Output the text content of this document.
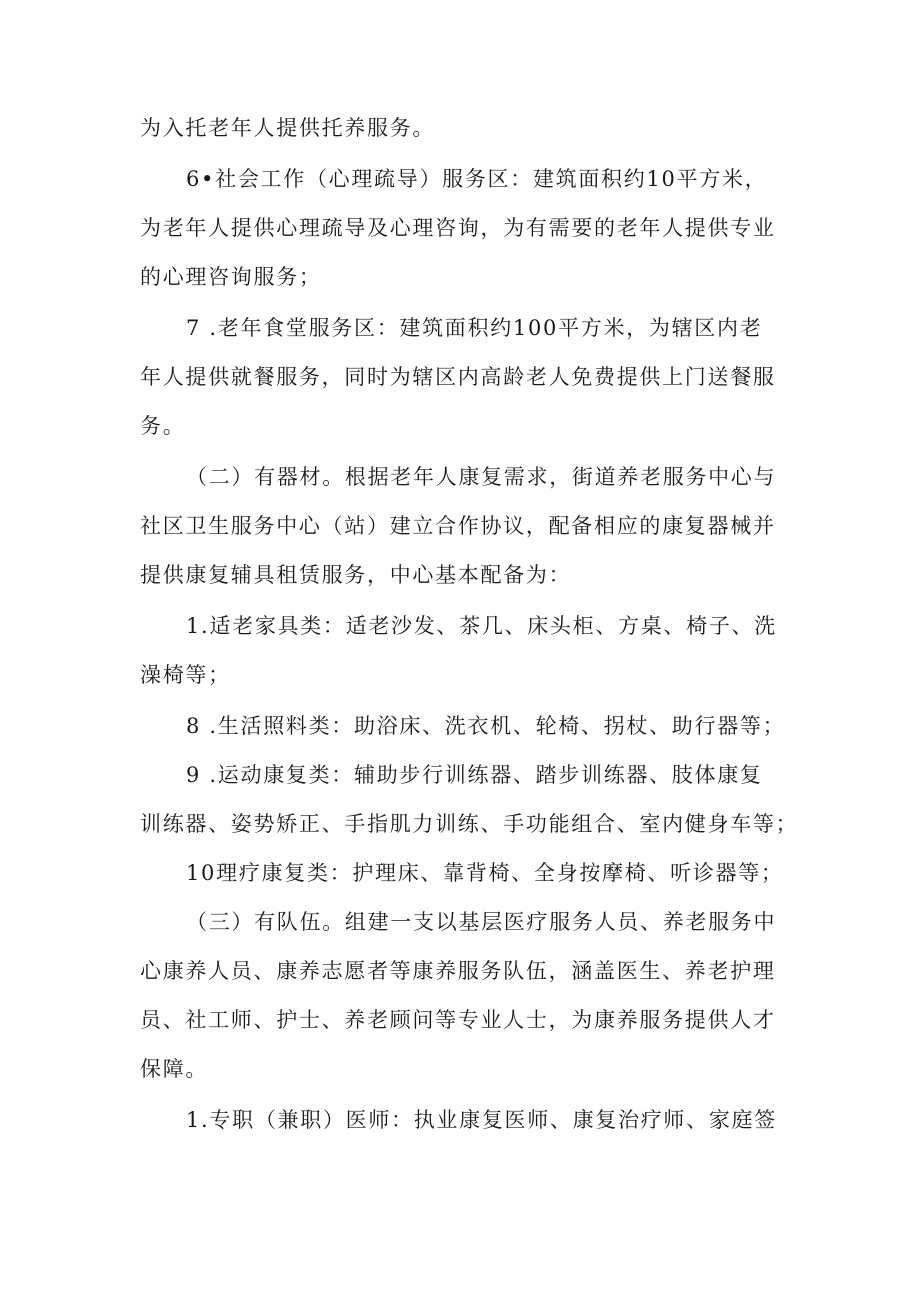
为入托老年人提供托养服务。
6•社会工作（心理疏导）服务区：建筑面积约10平方米，
为老年人提供心理疏导及心理咨询，为有需要的老年人提供专业
的心理咨询服务；
7 .老年食堂服务区：建筑面积约100平方米，为辖区内老
年人提供就餐服务，同时为辖区内高龄老人免费提供上门送餐服
务。
（二）有器材。根据老年人康复需求，街道养老服务中心与
社区卫生服务中心（站）建立合作协议，配备相应的康复器械并
提供康复辅具租赁服务，中心基本配备为：
1.适老家具类：适老沙发、茶几、床头柜、方桌、椅子、洗
澡椅等；
8 .生活照料类：助浴床、洗衣机、轮椅、拐杖、助行器等；
9 .运动康复类：辅助步行训练器、踏步训练器、肢体康复
训练器、姿势矫正、手指肌力训练、手功能组合、室内健身车等；
10理疗康复类：护理床、靠背椅、全身按摩椅、听诊器等；
（三）有队伍。组建一支以基层医疗服务人员、养老服务中
心康养人员、康养志愿者等康养服务队伍，涵盖医生、养老护理
员、社工师、护士、养老顾问等专业人士，为康养服务提供人才
保障。
1.专职（兼职）医师：执业康复医师、康复治疗师、家庭签
